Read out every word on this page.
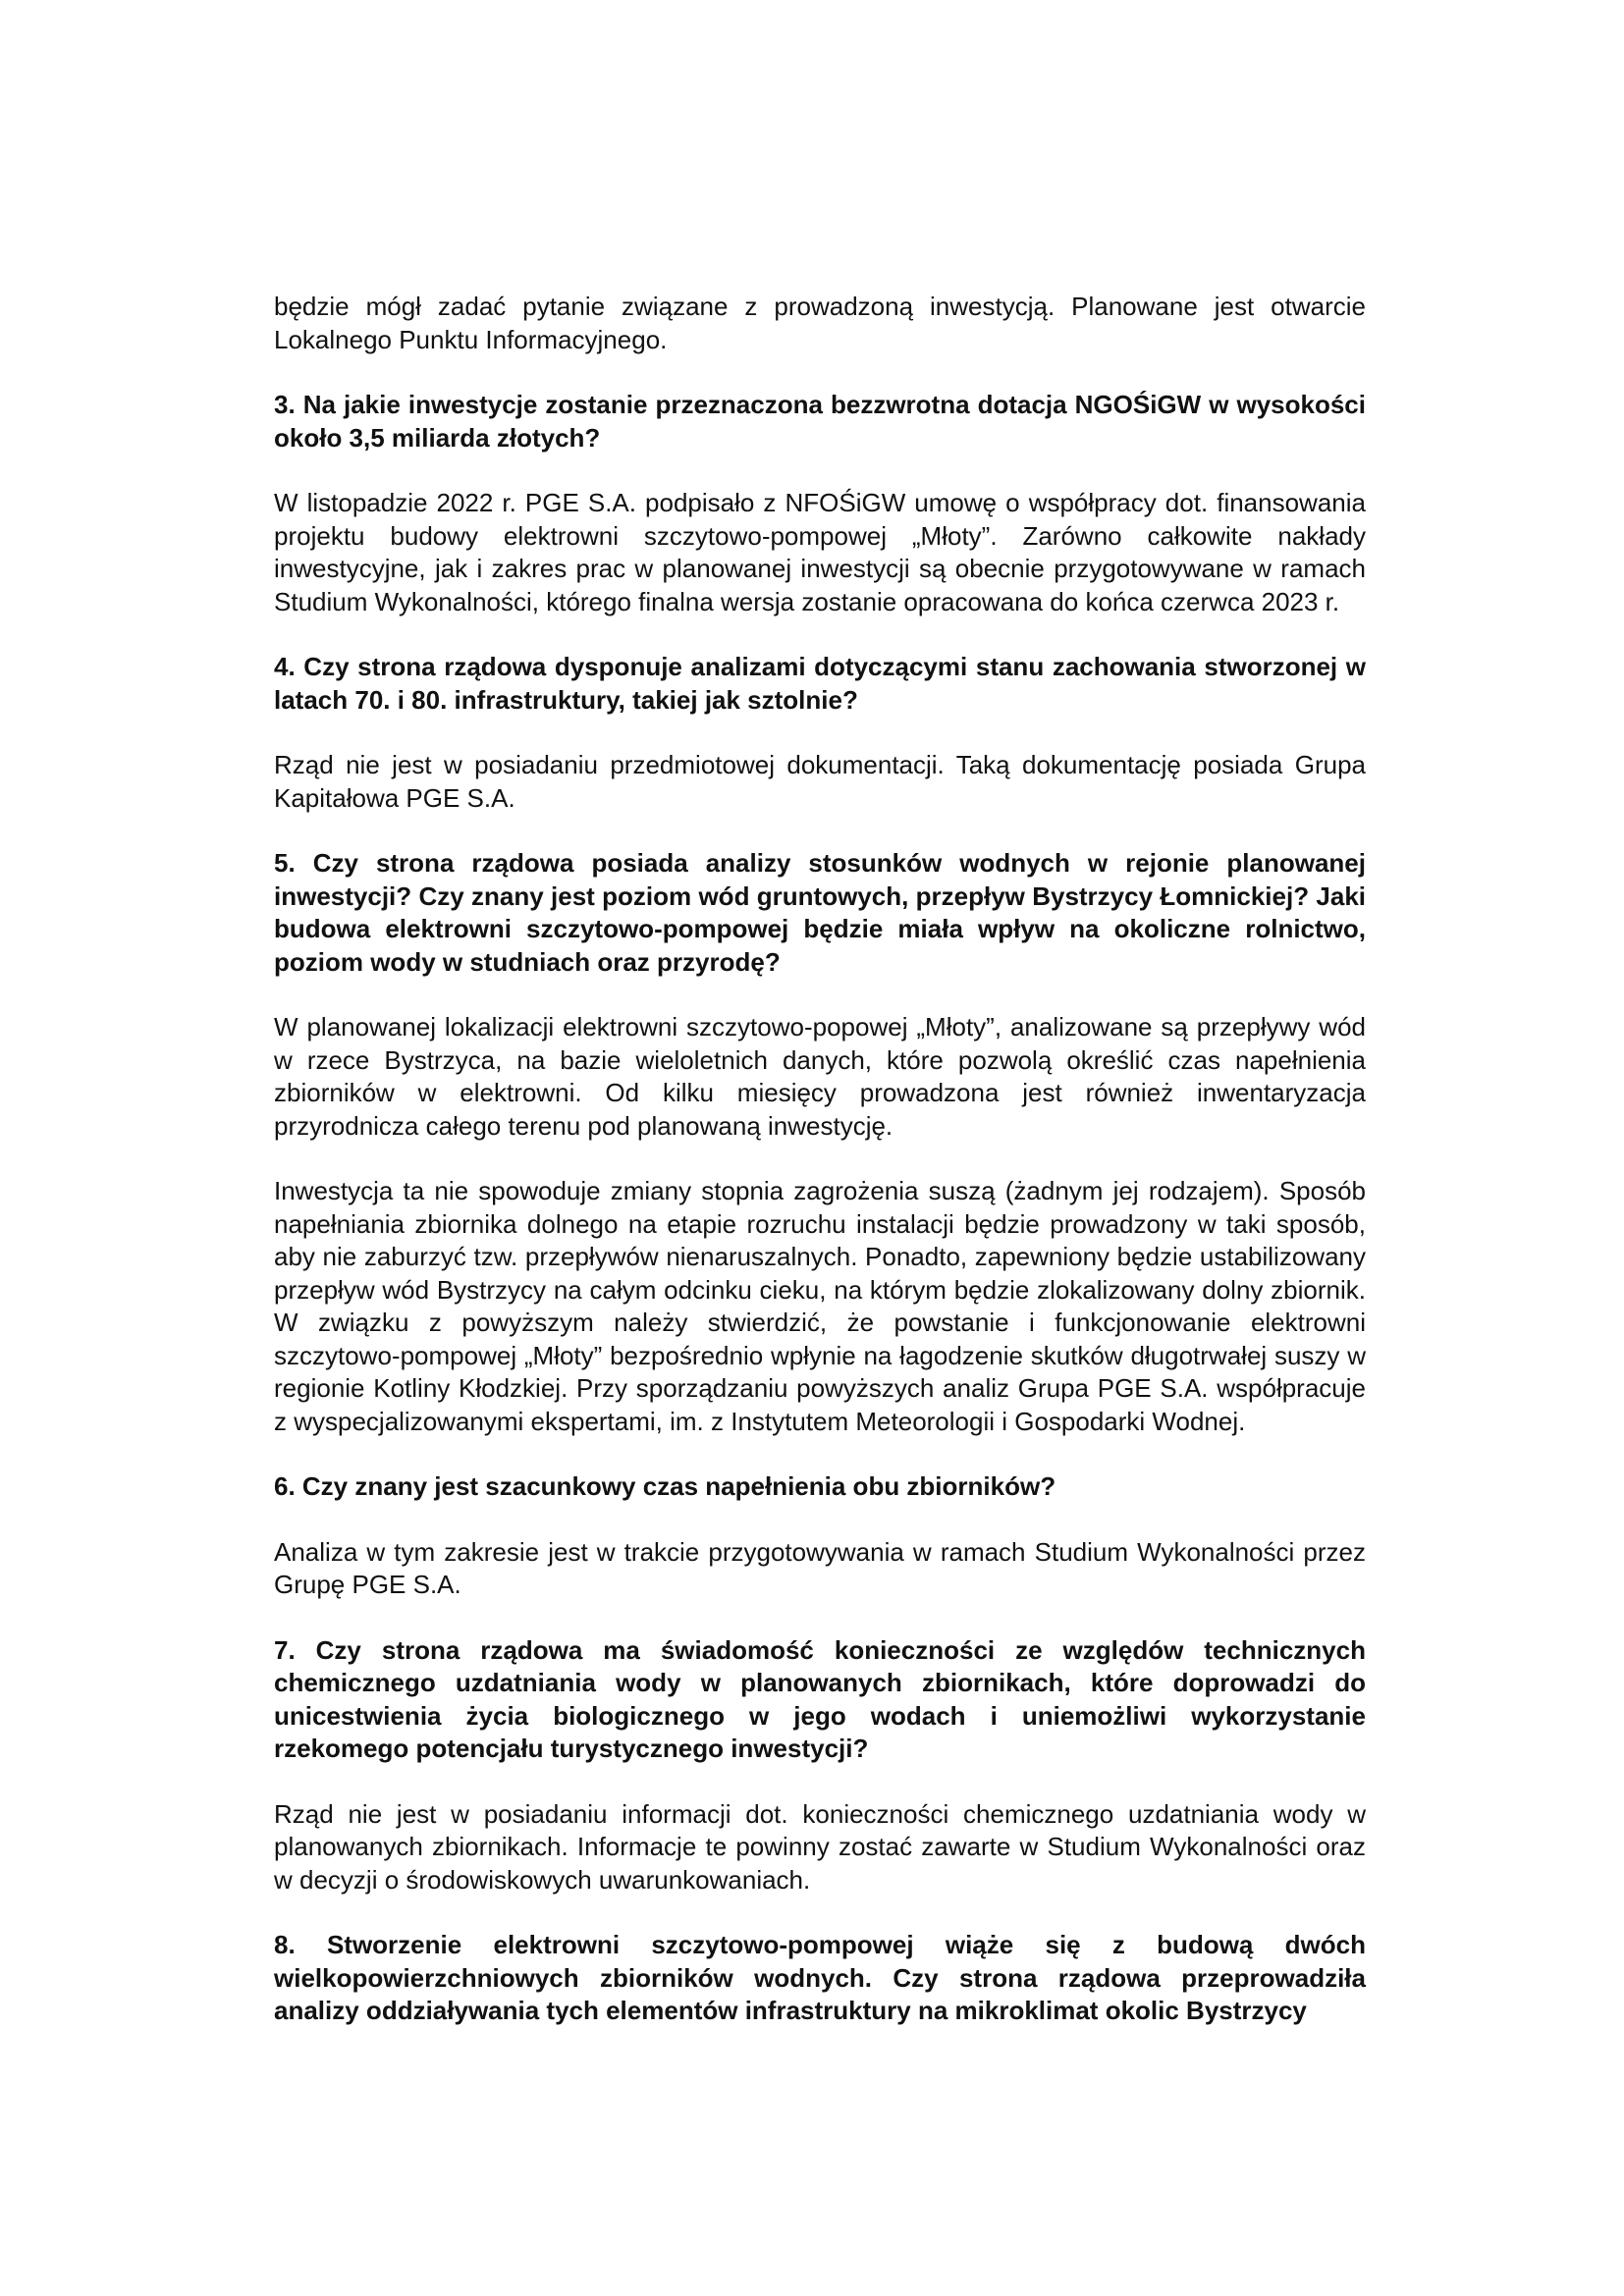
będzie mógł zadać pytanie związane z prowadzoną inwestycją. Planowane jest otwarcie Lokalnego Punktu Informacyjnego.

3. Na jakie inwestycje zostanie przeznaczona bezzwrotna dotacja NGOŚiGW w wysokości około 3,5 miliarda złotych?

W listopadzie 2022 r. PGE S.A. podpisało z NFOŚiGW umowę o współpracy dot. finansowania projektu budowy elektrowni szczytowo-pompowej „Młoty”. Zarówno całkowite nakłady inwestycyjne, jak i zakres prac w planowanej inwestycji są obecnie przygotowywane w ramach Studium Wykonalności, którego finalna wersja zostanie opracowana do końca czerwca 2023 r.

4. Czy strona rządowa dysponuje analizami dotyczącymi stanu zachowania stworzonej w latach 70. i 80. infrastruktury, takiej jak sztolnie?

Rząd nie jest w posiadaniu przedmiotowej dokumentacji. Taką dokumentację posiada Grupa Kapitałowa PGE S.A.

5. Czy strona rządowa posiada analizy stosunków wodnych w rejonie planowanej inwestycji? Czy znany jest poziom wód gruntowych, przepływ Bystrzycy Łomnickiej? Jaki budowa elektrowni szczytowo-pompowej będzie miała wpływ na okoliczne rolnictwo, poziom wody w studniach oraz przyrodę?

W planowanej lokalizacji elektrowni szczytowo-popowej „Młoty”, analizowane są przepływy wód w rzece Bystrzyca, na bazie wieloletnich danych, które pozwolą określić czas napełnienia zbiorników w elektrowni. Od kilku miesięcy prowadzona jest również inwentaryzacja przyrodnicza całego terenu pod planowaną inwestycję.

Inwestycja ta nie spowoduje zmiany stopnia zagrożenia suszą (żadnym jej rodzajem). Sposób napełniania zbiornika dolnego na etapie rozruchu instalacji będzie prowadzony w taki sposób, aby nie zaburzyć tzw. przepływów nienaruszalnych. Ponadto, zapewniony będzie ustabilizowany przepływ wód Bystrzycy na całym odcinku cieku, na którym będzie zlokalizowany dolny zbiornik. W związku z powyższym należy stwierdzić, że powstanie i funkcjonowanie elektrowni szczytowo-pompowej „Młoty” bezpośrednio wpłynie na łagodzenie skutków długotrwałej suszy w regionie Kotliny Kłodzkiej. Przy sporządzaniu powyższych analiz Grupa PGE S.A. współpracuje z wyspecjalizowanymi ekspertami, im. z Instytutem Meteorologii i Gospodarki Wodnej.

6. Czy znany jest szacunkowy czas napełnienia obu zbiorników?

Analiza w tym zakresie jest w trakcie przygotowywania w ramach Studium Wykonalności przez Grupę PGE S.A.

7. Czy strona rządowa ma świadomość konieczności ze względów technicznych chemicznego uzdatniania wody w planowanych zbiornikach, które doprowadzi do unicestwienia życia biologicznego w jego wodach i uniemożliwi wykorzystanie rzekomego potencjału turystycznego inwestycji?

Rząd nie jest w posiadaniu informacji dot. konieczności chemicznego uzdatniania wody w planowanych zbiornikach. Informacje te powinny zostać zawarte w Studium Wykonalności oraz w decyzji o środowiskowych uwarunkowaniach.

8. Stworzenie elektrowni szczytowo-pompowej wiąże się z budową dwóch wielkopowierzchniowych zbiorników wodnych. Czy strona rządowa przeprowadziła analizy oddziaływania tych elementów infrastruktury na mikroklimat okolic Bystrzycy
